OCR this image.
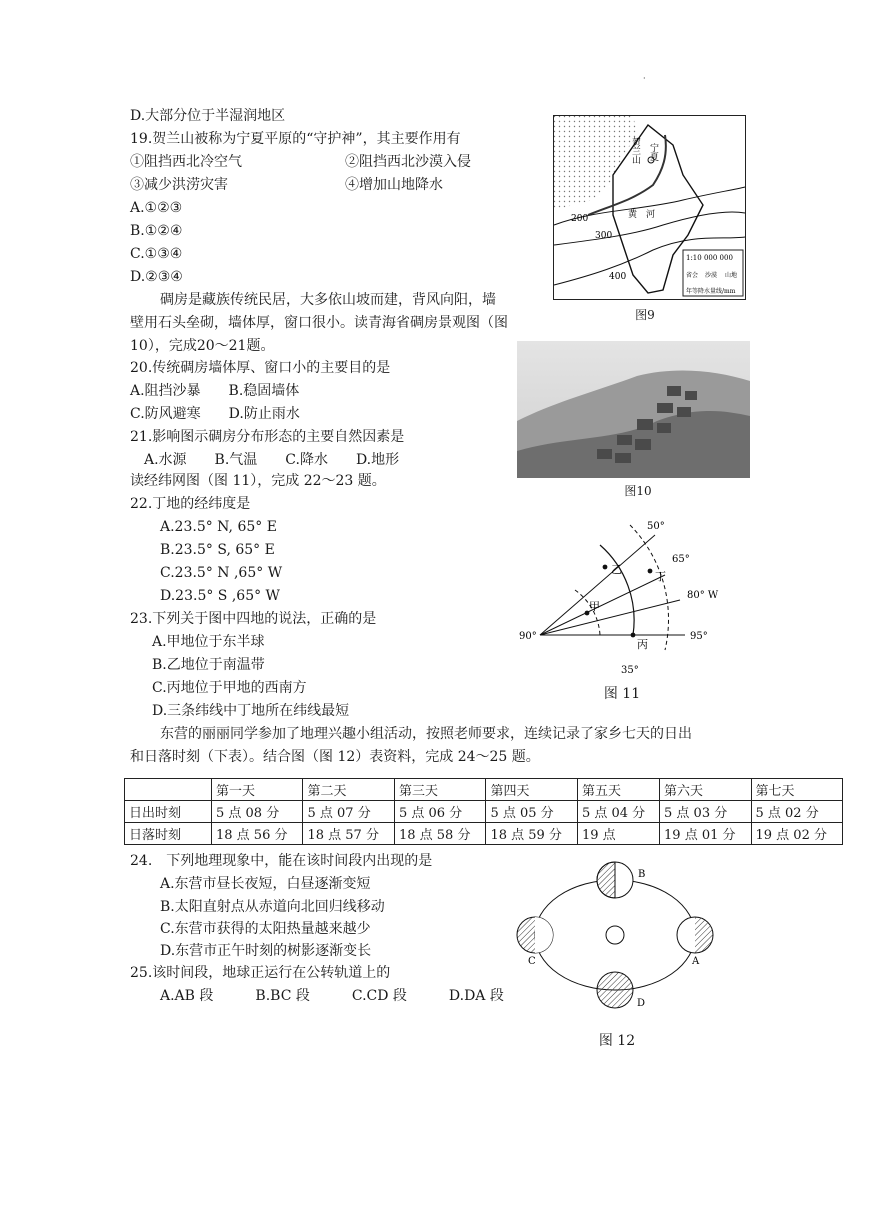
·
D.大部分位于半湿润地区
19.贺兰山被称为宁夏平原的“守护神”，其主要作用有
①阻挡西北冷空气	②阻挡西北沙漠入侵
③减少洪涝灾害	④增加山地降水
A.①②③
B.①②④
C.①③④
D.②③④
碉房是藏族传统民居，大多依山坡而建，背风向阳，墙
壁用石头垒砌，墙体厚，窗口很小。读青海省碉房景观图（图
10），完成20～21题。
20.传统碉房墙体厚、窗口小的主要目的是
A.阻挡沙暴　　B.稳固墙体
C.防风避寒　　D.防止雨水
21.影响图示碉房分布形态的主要自然因素是
A.水源　　B.气温　　C.降水　　D.地形
读经纬网图（图 11），完成 22～23 题。
22.丁地的经纬度是
A.23.5° N, 65° E
B.23.5° S, 65° E
C.23.5° N ,65° W
D.23.5° S ,65° W
23.下列关于图中四地的说法，正确的是
A.甲地位于东半球
B.乙地位于南温带
C.丙地位于甲地的西南方
D.三条纬线中丁地所在纬线最短
东营的丽丽同学参加了地理兴趣小组活动，按照老师要求，连续记录了家乡七天的日出
和日落时刻（下表）。结合图（图 12）表资料，完成 24～25 题。
	第一天	第二天	第三天	第四天	第五天	第六天	第七天
日出时刻	5 点 08 分	5 点 07 分	5 点 06 分	5 点 05 分	5 点 04 分	5 点 03 分	5 点 02 分
日落时刻	18 点 56 分	18 点 57 分	18 点 58 分	18 点 59 分	19 点	19 点 01 分	19 点 02 分
24.　下列地理现象中，能在该时间段内出现的是
A.东营市昼长夜短，白昼逐渐变短
B.太阳直射点从赤道向北回归线移动
C.东营市获得的太阳热量越来越少
D.东营市正午时刻的树影逐渐变长
25.该时间段，地球正运行在公转轨道上的
A.AB 段　　　B.BC 段　　　C.CD 段　　　D.DA 段
贺兰山 宁夏
黄　河
200
300
400
1:10 000 000
省会 沙漠 山地
年等降水量线/mm
图9
图10
乙
丁
甲
丙
50°
65°
80° W
90°	95°
35°
图 11
B
A
C
D
图 12
